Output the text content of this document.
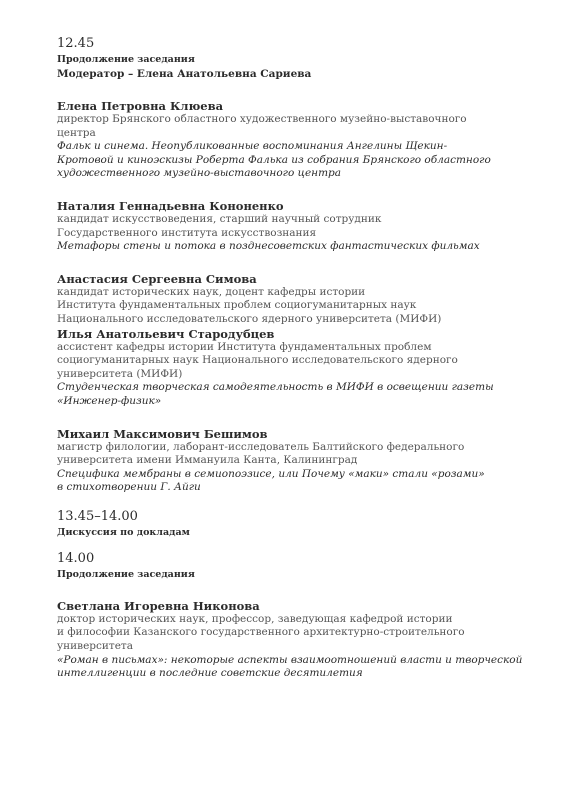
12.45
Продолжение заседания
Модератор – Елена Анатольевна Сариева
Елена Петровна Клюева
директор Брянского областного художественного музейно-выставочного
центра
Фальк и синема. Неопубликованные воспоминания Ангелины Щекин-
Кротовой и киноэскизы Роберта Фалька из собрания Брянского областного
художественного музейно-выставочного центра
Наталия Геннадьевна Кононенко
кандидат искусствоведения, старший научный сотрудник
Государственного института искусствознания
Метафоры стены и потока в позднесоветских фантастических фильмах
Анастасия Сергеевна Симова
кандидат исторических наук, доцент кафедры истории
Института фундаментальных проблем социогуманитарных наук
Национального исследовательского ядерного университета (МИФИ)
Илья Анатольевич Стародубцев
ассистент кафедры истории Института фундаментальных проблем
социогуманитарных наук Национального исследовательского ядерного
университета (МИФИ)
Студенческая творческая самодеятельность в МИФИ в освещении газеты
«Инженер-физик»
Михаил Максимович Бешимов
магистр филологии, лаборант-исследователь Балтийского федерального
университета имени Иммануила Канта, Калининград
Специфика мембраны в семиопоэзисе, или Почему «маки» стали «розами»
в стихотворении Г. Айги
13.45–14.00
Дискуссия по докладам
14.00
Продолжение заседания
Светлана Игоревна Никонова
доктор исторических наук, профессор, заведующая кафедрой истории
и философии Казанского государственного архитектурно-строительного
университета
«Роман в письмах»: некоторые аспекты взаимоотношений власти и творческой
интеллигенции в последние советские десятилетия
